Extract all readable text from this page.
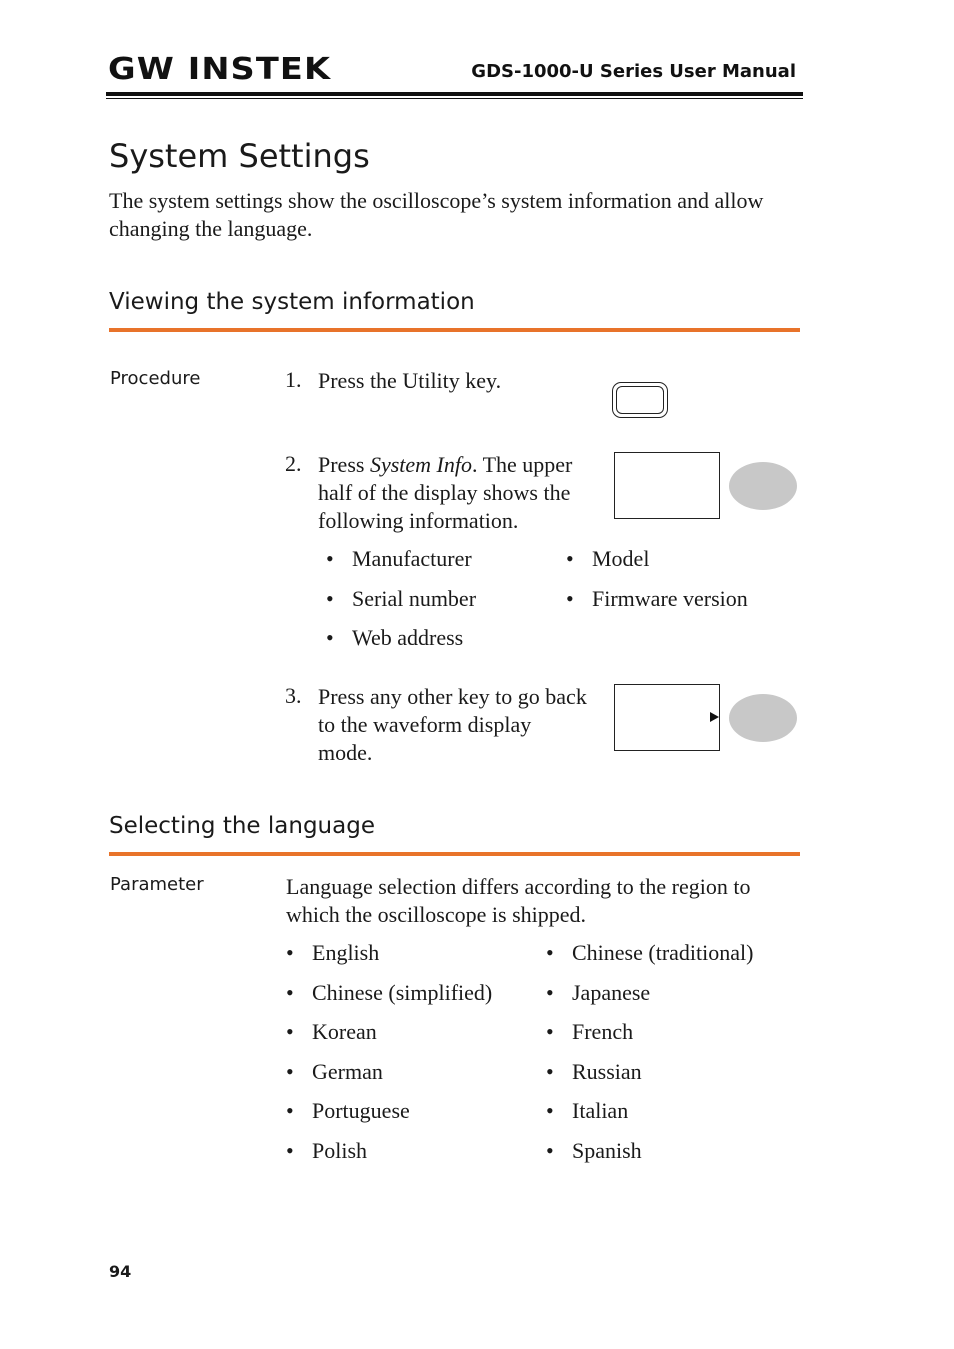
GW INSTEK	GDS-1000-U Series User Manual
System Settings
The system settings show the oscilloscope’s system information and allow changing the language.
Viewing the system information
Procedure	1. Press the Utility key.
2. Press System Info. The upper half of the display shows the following information.
• Manufacturer	• Model
• Serial number	• Firmware version
• Web address
3. Press any other key to go back to the waveform display mode.
Selecting the language
Parameter	Language selection differs according to the region to which the oscilloscope is shipped.
• English	• Chinese (traditional)
• Chinese (simplified) • Japanese
• Korean	• French
• German	• Russian
• Portuguese	• Italian
• Polish	• Spanish
94
